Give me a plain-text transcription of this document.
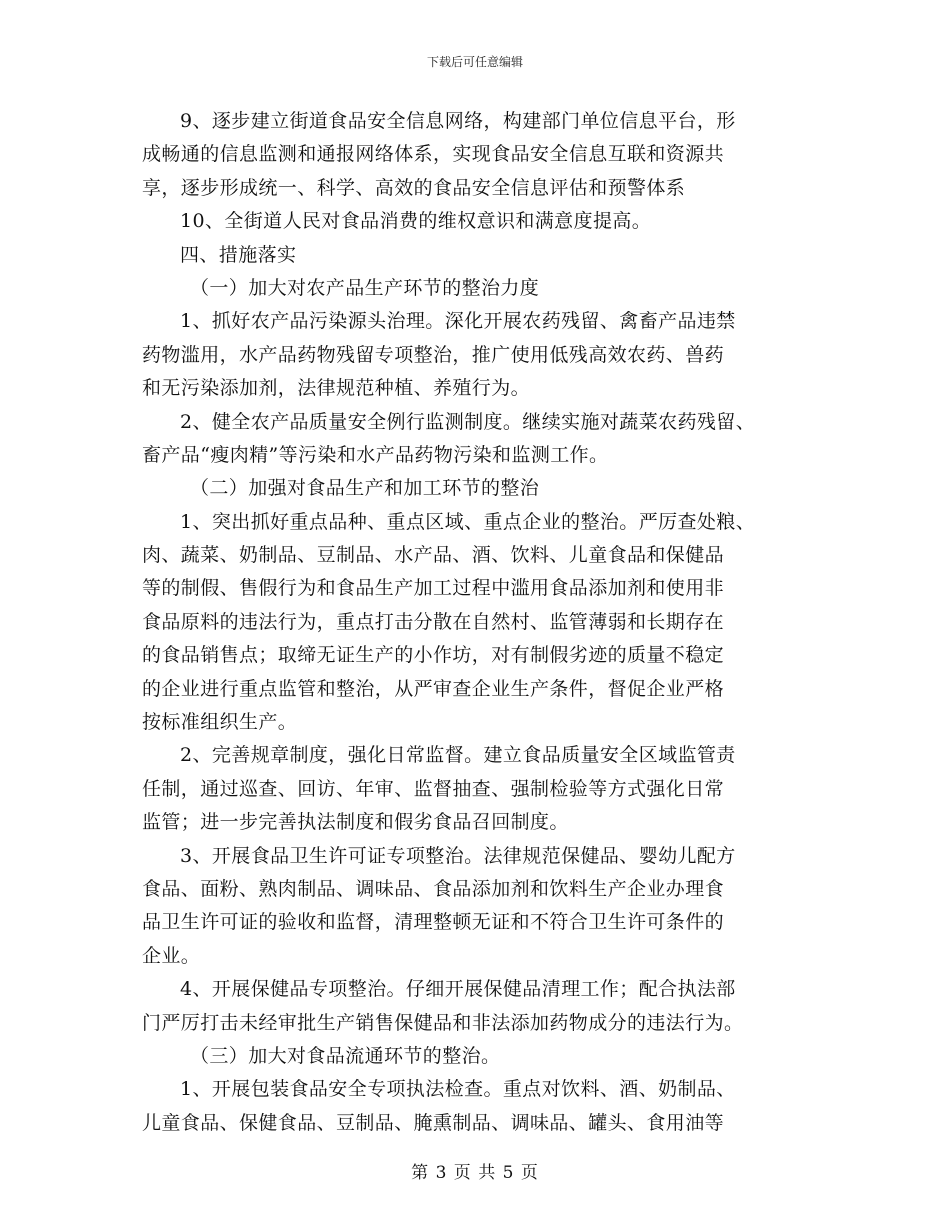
下载后可任意编辑
9、逐步建立街道食品安全信息网络，构建部门单位信息平台，形
成畅通的信息监测和通报网络体系，实现食品安全信息互联和资源共
享，逐步形成统一、科学、高效的食品安全信息评估和预警体系
10、全街道人民对食品消费的维权意识和满意度提高。
四、措施落实
（一）加大对农产品生产环节的整治力度
1、抓好农产品污染源头治理。深化开展农药残留、禽畜产品违禁
药物滥用，水产品药物残留专项整治，推广使用低残高效农药、兽药
和无污染添加剂，法律规范种植、养殖行为。
2、健全农产品质量安全例行监测制度。继续实施对蔬菜农药残留、
畜产品“瘦肉精”等污染和水产品药物污染和监测工作。
（二）加强对食品生产和加工环节的整治
1、突出抓好重点品种、重点区域、重点企业的整治。严厉查处粮、
肉、蔬菜、奶制品、豆制品、水产品、酒、饮料、儿童食品和保健品
等的制假、售假行为和食品生产加工过程中滥用食品添加剂和使用非
食品原料的违法行为，重点打击分散在自然村、监管薄弱和长期存在
的食品销售点；取缔无证生产的小作坊，对有制假劣迹的质量不稳定
的企业进行重点监管和整治，从严审查企业生产条件，督促企业严格
按标准组织生产。
2、完善规章制度，强化日常监督。建立食品质量安全区域监管责
任制，通过巡查、回访、年审、监督抽查、强制检验等方式强化日常
监管；进一步完善执法制度和假劣食品召回制度。
3、开展食品卫生许可证专项整治。法律规范保健品、婴幼儿配方
食品、面粉、熟肉制品、调味品、食品添加剂和饮料生产企业办理食
品卫生许可证的验收和监督，清理整顿无证和不符合卫生许可条件的
企业。
4、开展保健品专项整治。仔细开展保健品清理工作；配合执法部
门严厉打击未经审批生产销售保健品和非法添加药物成分的违法行为。
（三）加大对食品流通环节的整治。
1、开展包装食品安全专项执法检查。重点对饮料、酒、奶制品、
儿童食品、保健食品、豆制品、腌熏制品、调味品、罐头、食用油等
第 3 页 共 5 页
